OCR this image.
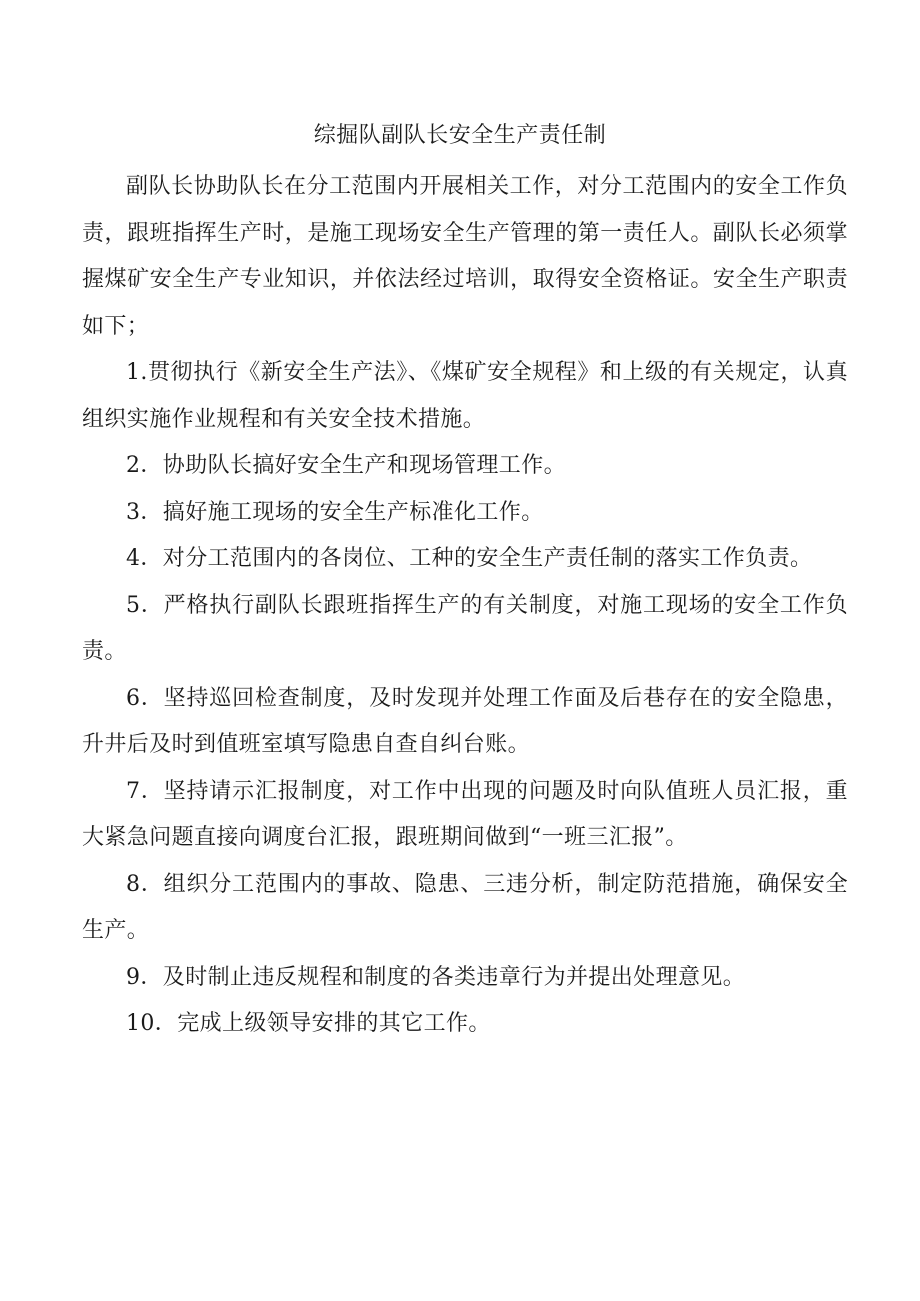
综掘队副队长安全生产责任制

副队长协助队长在分工范围内开展相关工作，对分工范围内的安全工作负责，跟班指挥生产时，是施工现场安全生产管理的第一责任人。副队长必须掌握煤矿安全生产专业知识，并依法经过培训，取得安全资格证。安全生产职责如下；

1.贯彻执行《新安全生产法》、《煤矿安全规程》和上级的有关规定，认真组织实施作业规程和有关安全技术措施。

2．协助队长搞好安全生产和现场管理工作。

3．搞好施工现场的安全生产标准化工作。

4．对分工范围内的各岗位、工种的安全生产责任制的落实工作负责。

5．严格执行副队长跟班指挥生产的有关制度，对施工现场的安全工作负责。

6．坚持巡回检查制度，及时发现并处理工作面及后巷存在的安全隐患，升井后及时到值班室填写隐患自查自纠台账。

7．坚持请示汇报制度，对工作中出现的问题及时向队值班人员汇报，重大紧急问题直接向调度台汇报，跟班期间做到“一班三汇报”。

8．组织分工范围内的事故、隐患、三违分析，制定防范措施，确保安全生产。

9．及时制止违反规程和制度的各类违章行为并提出处理意见。

10．完成上级领导安排的其它工作。
